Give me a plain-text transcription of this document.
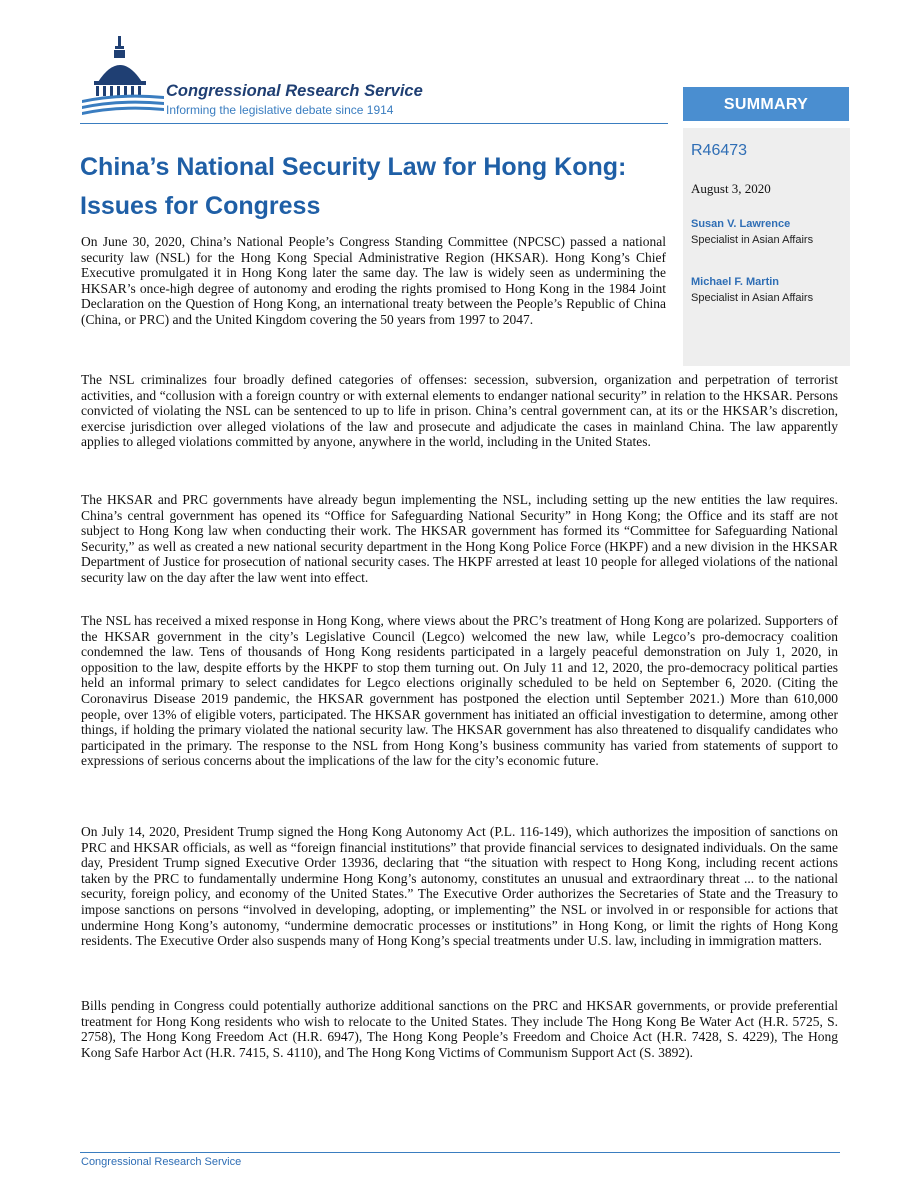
Congressional Research Service
Informing the legislative debate since 1914	SUMMARY
R46473
August 3, 2020
Susan V. Lawrence
Specialist in Asian Affairs
Michael F. Martin
Specialist in Asian Affairs
China’s National Security Law for Hong Kong: Issues for Congress

On June 30, 2020, China’s National People’s Congress Standing Committee (NPCSC) passed a national security law (NSL) for the Hong Kong Special Administrative Region (HKSAR). Hong Kong’s Chief Executive promulgated it in Hong Kong later the same day. The law is widely seen as undermining the HKSAR’s once-high degree of autonomy and eroding the rights promised to Hong Kong in the 1984 Joint Declaration on the Question of Hong Kong, an international treaty between the People’s Republic of China (China, or PRC) and the United Kingdom covering the 50 years from 1997 to 2047.

The NSL criminalizes four broadly defined categories of offenses: secession, subversion, organization and perpetration of terrorist activities, and “collusion with a foreign country or with external elements to endanger national security” in relation to the HKSAR. Persons convicted of violating the NSL can be sentenced to up to life in prison. China’s central government can, at its or the HKSAR’s discretion, exercise jurisdiction over alleged violations of the law and prosecute and adjudicate the cases in mainland China. The law apparently applies to alleged violations committed by anyone, anywhere in the world, including in the United States.

The HKSAR and PRC governments have already begun implementing the NSL, including setting up the new entities the law requires. China’s central government has opened its “Office for Safeguarding National Security” in Hong Kong; the Office and its staff are not subject to Hong Kong law when conducting their work. The HKSAR government has formed its “Committee for Safeguarding National Security,” as well as created a new national security department in the Hong Kong Police Force (HKPF) and a new division in the HKSAR Department of Justice for prosecution of national security cases. The HKPF arrested at least 10 people for alleged violations of the national security law on the day after the law went into effect.

The NSL has received a mixed response in Hong Kong, where views about the PRC’s treatment of Hong Kong are polarized. Supporters of the HKSAR government in the city’s Legislative Council (Legco) welcomed the new law, while Legco’s pro-democracy coalition condemned the law. Tens of thousands of Hong Kong residents participated in a largely peaceful demonstration on July 1, 2020, in opposition to the law, despite efforts by the HKPF to stop them turning out. On July 11 and 12, 2020, the pro-democracy political parties held an informal primary to select candidates for Legco elections originally scheduled to be held on September 6, 2020. (Citing the Coronavirus Disease 2019 pandemic, the HKSAR government has postponed the election until September 2021.) More than 610,000 people, over 13% of eligible voters, participated. The HKSAR government has initiated an official investigation to determine, among other things, if holding the primary violated the national security law. The HKSAR government has also threatened to disqualify candidates who participated in the primary. The response to the NSL from Hong Kong’s business community has varied from statements of support to expressions of serious concerns about the implications of the law for the city’s economic future.

On July 14, 2020, President Trump signed the Hong Kong Autonomy Act (P.L. 116-149), which authorizes the imposition of sanctions on PRC and HKSAR officials, as well as “foreign financial institutions” that provide financial services to designated individuals. On the same day, President Trump signed Executive Order 13936, declaring that “the situation with respect to Hong Kong, including recent actions taken by the PRC to fundamentally undermine Hong Kong’s autonomy, constitutes an unusual and extraordinary threat ... to the national security, foreign policy, and economy of the United States.” The Executive Order authorizes the Secretaries of State and the Treasury to impose sanctions on persons “involved in developing, adopting, or implementing” the NSL or involved in or responsible for actions that undermine Hong Kong’s autonomy, “undermine democratic processes or institutions” in Hong Kong, or limit the rights of Hong Kong residents. The Executive Order also suspends many of Hong Kong’s special treatments under U.S. law, including in immigration matters.

Bills pending in Congress could potentially authorize additional sanctions on the PRC and HKSAR governments, or provide preferential treatment for Hong Kong residents who wish to relocate to the United States. They include The Hong Kong Be Water Act (H.R. 5725, S. 2758), The Hong Kong Freedom Act (H.R. 6947), The Hong Kong People’s Freedom and Choice Act (H.R. 7428, S. 4229), The Hong Kong Safe Harbor Act (H.R. 7415, S. 4110), and The Hong Kong Victims of Communism Support Act (S. 3892).

Congressional Research Service
